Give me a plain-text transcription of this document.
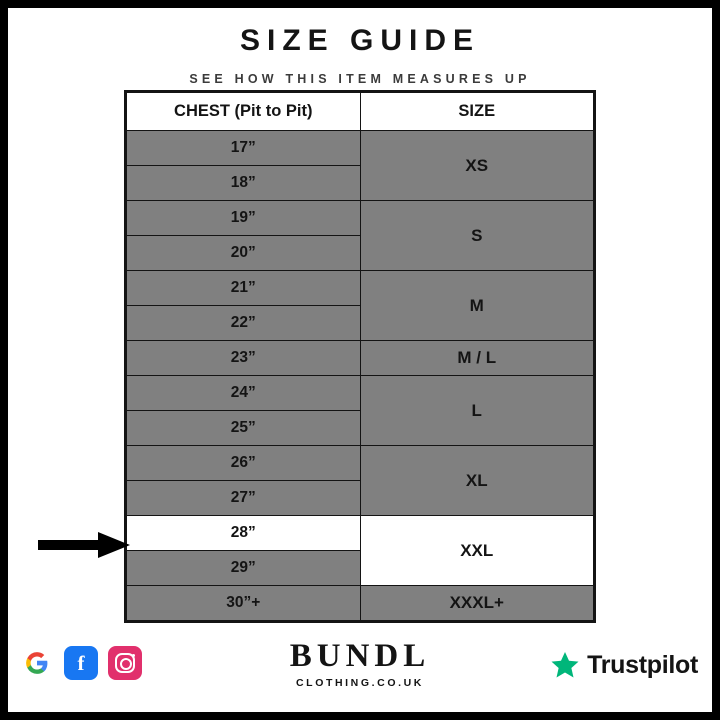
SIZE GUIDE
SEE HOW THIS ITEM MEASURES UP
CHEST (Pit to Pit)	SIZE
17”	XS
18”	
19”	S
20”	
21”	M
22”	
23”	M / L
24”	L
25”	
26”	XL
27”	
28”	XXL
29”	
30”+	XXXL+
f	BUNDL
CLOTHING.CO.UK
Trustpilot
